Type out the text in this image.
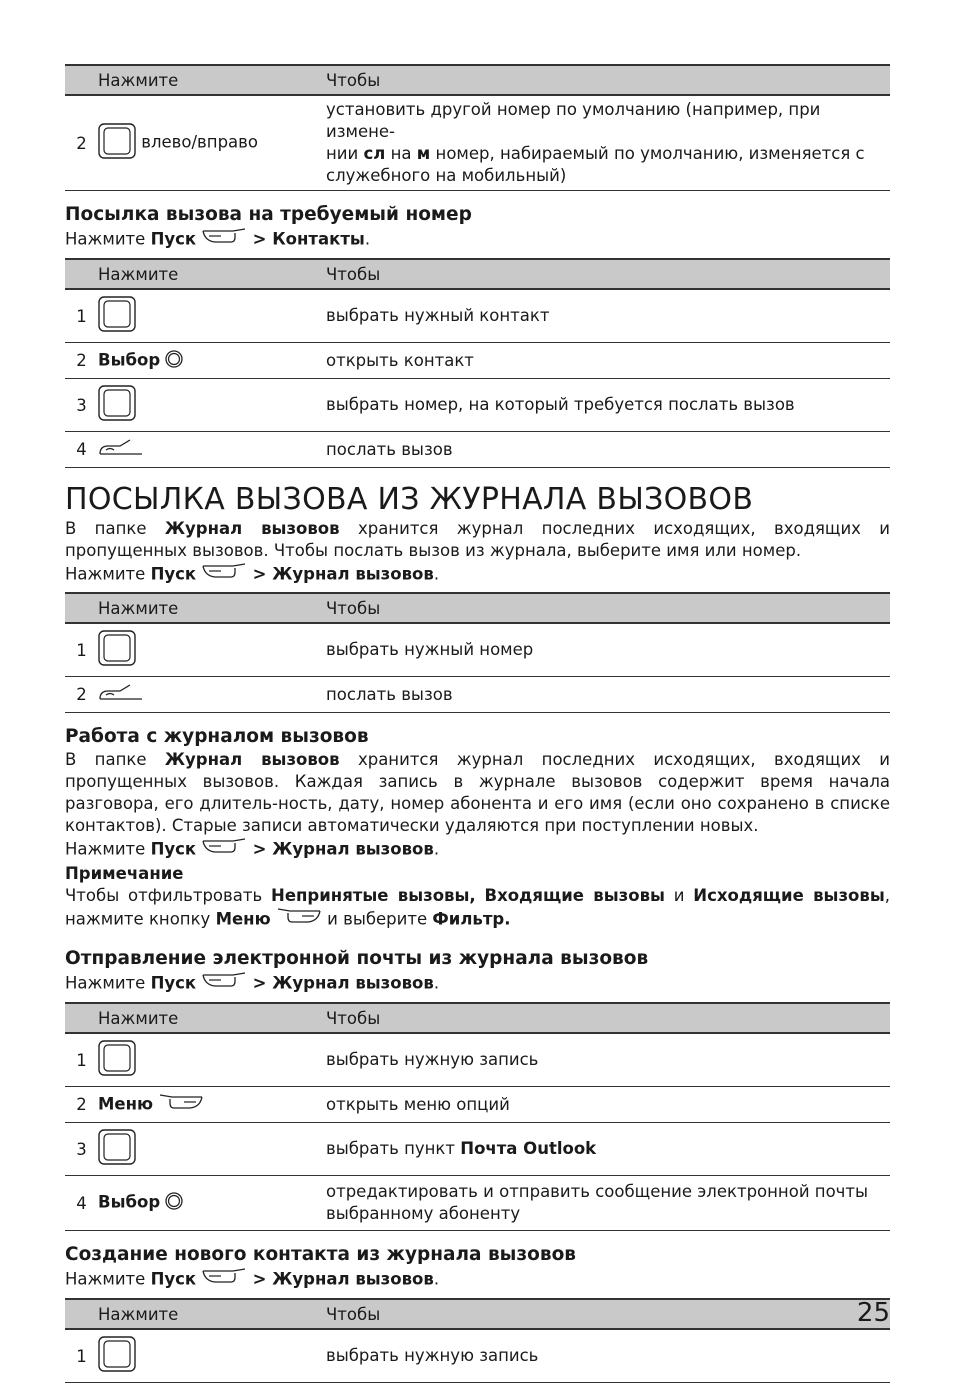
	Нажмите	Чтобы
2	влево/вправо	установить другой номер по умолчанию (например, при измене-
нии сл на м номер, набираемый по умолчанию, изменяется с
служебного на мобильный)

Посылка вызова на требуемый номер

Нажмите Пуск	> Контакты.

	Нажмите	Чтобы
1		выбрать нужный контакт
2	Выбор	открыть контакт
3		выбрать номер, на который требуется послать вызов
4		послать вызов

ПОСЫЛКА ВЫЗОВА ИЗ ЖУРНАЛА ВЫЗОВОВ

В папке Журнал вызовов хранится журнал последних исходящих, входящих и пропущенных вызовов. Чтобы послать вызов из журнала, выберите имя или номер.

Нажмите Пуск	> Журнал вызовов.

	Нажмите	Чтобы
1		выбрать нужный номер
2		послать вызов

Работа с журналом вызовов

В папке Журнал вызовов хранится журнал последних исходящих, входящих и пропущенных вызовов. Каждая запись в журнале вызовов содержит время начала разговора, его длитель-ность, дату, номер абонента и его имя (если оно сохранено в списке контактов). Старые записи автоматически удаляются при поступлении новых.

Нажмите Пуск	> Журнал вызовов.

Примечание

Чтобы отфильтровать Непринятые вызовы, Входящие вызовы и Исходящие вызовы,

нажмите кнопку Меню	и выберите Фильтр.

Отправление электронной почты из журнала вызовов

Нажмите Пуск	> Журнал вызовов.

	Нажмите	Чтобы
1		выбрать нужную запись
2	Меню	открыть меню опций
3		выбрать пункт Почта Outlook
4	Выбор	отредактировать и отправить сообщение электронной почты выбранному абоненту

Создание нового контакта из журнала вызовов

Нажмите Пуск	> Журнал вызовов.

	Нажмите	Чтобы
1		выбрать нужную запись
25
